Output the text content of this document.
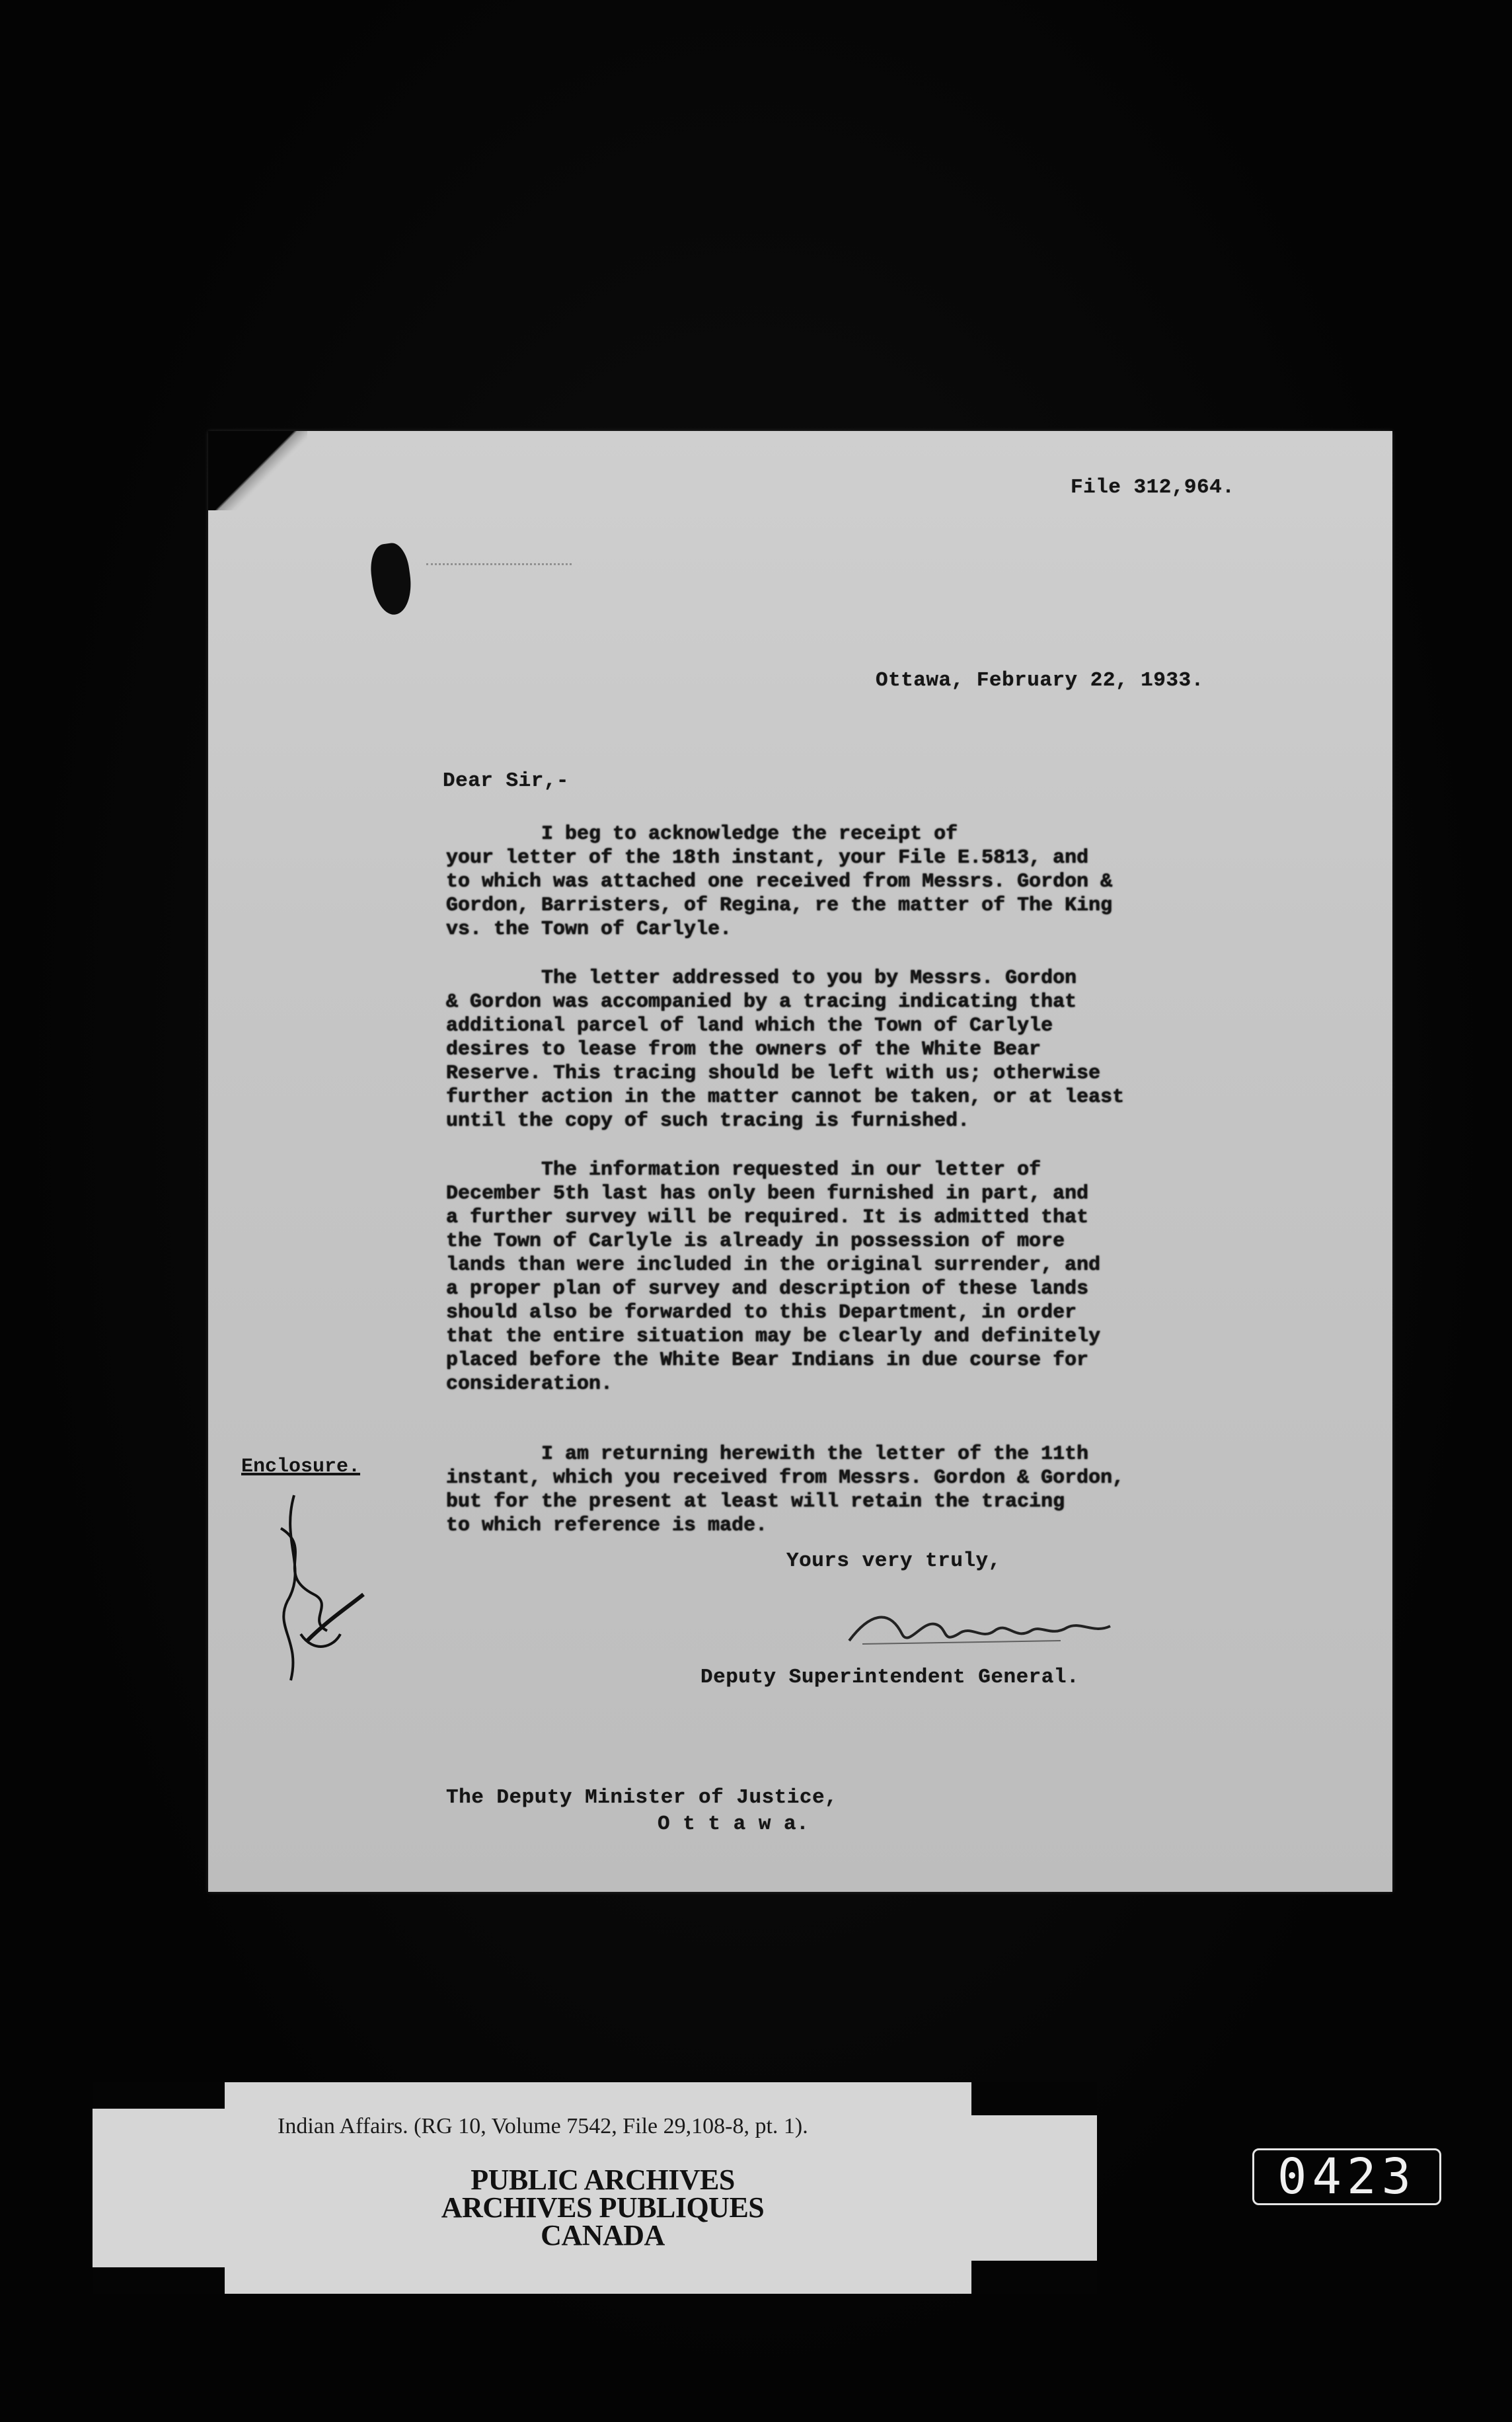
File 312,964.
Ottawa, February 22, 1933.
Dear Sir,-
I beg to acknowledge the receipt of
your letter of the 18th instant, your File E.5813, and
to which was attached one received from Messrs. Gordon &
Gordon, Barristers, of Regina, re the matter of The King
vs. the Town of Carlyle.
The letter addressed to you by Messrs. Gordon
& Gordon was accompanied by a tracing indicating that
additional parcel of land which the Town of Carlyle
desires to lease from the owners of the White Bear
Reserve. This tracing should be left with us; otherwise
further action in the matter cannot be taken, or at least
until the copy of such tracing is furnished.
The information requested in our letter of
December 5th last has only been furnished in part, and
a further survey will be required. It is admitted that
the Town of Carlyle is already in possession of more
lands than were included in the original surrender, and
a proper plan of survey and description of these lands
should also be forwarded to this Department, in order
that the entire situation may be clearly and definitely
placed before the White Bear Indians in due course for
consideration.
I am returning herewith the letter of the 11th
instant, which you received from Messrs. Gordon & Gordon,
but for the present at least will retain the tracing
to which reference is made.
Enclosure.
Yours very truly,
Deputy Superintendent General.
The Deputy Minister of Justice,
O t t a w a.
Indian Affairs. (RG 10, Volume 7542, File 29,108-8, pt. 1).
PUBLIC ARCHIVES
ARCHIVES PUBLIQUES
CANADA
0423
